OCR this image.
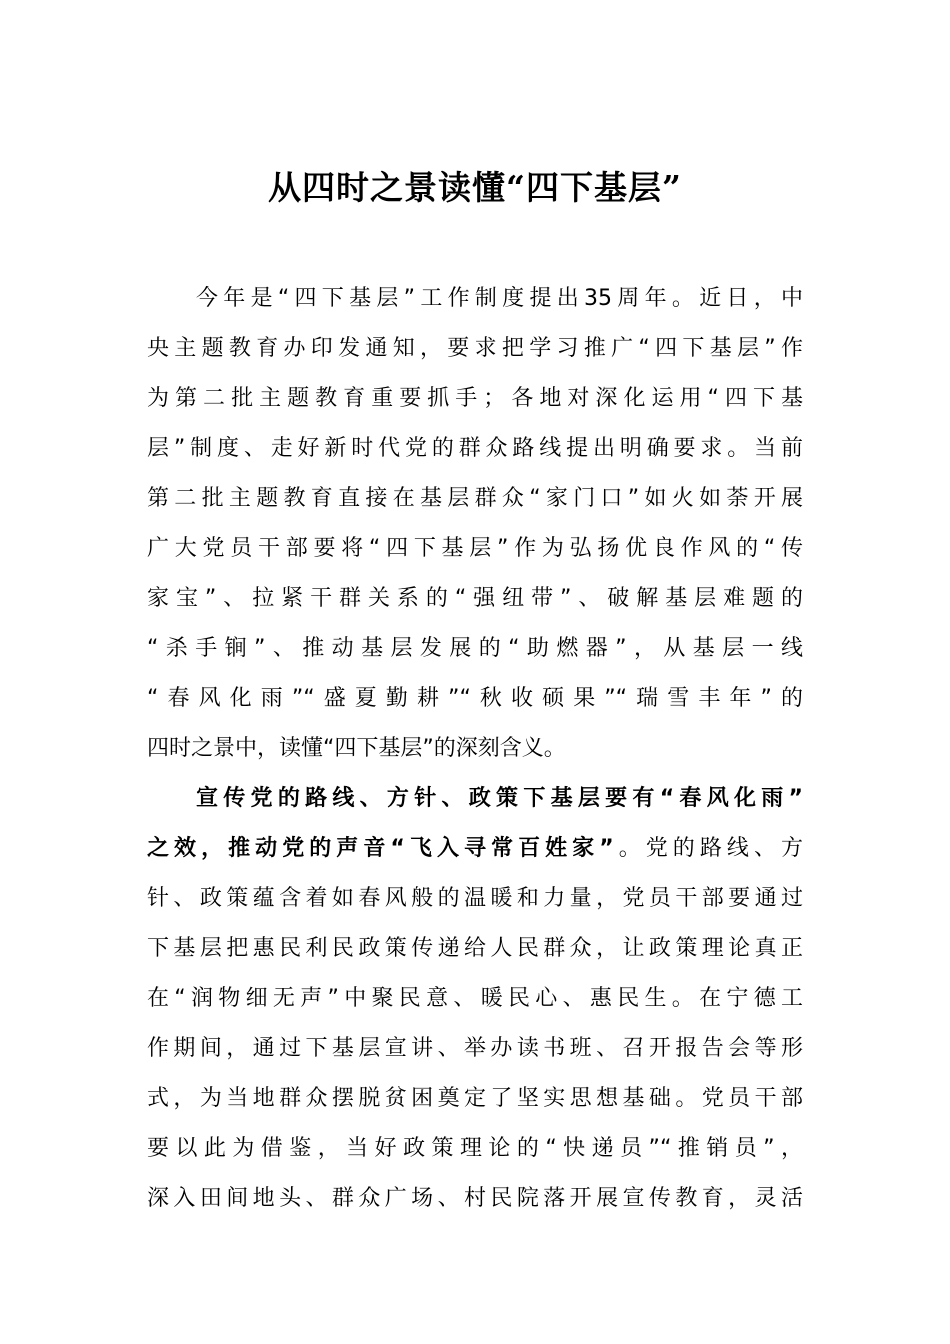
从四时之景读懂“四下基层”

今年是“四下基层”工作制度提出35周年。近日，中

央主题教育办印发通知，要求把学习推广“四下基层”作

为第二批主题教育重要抓手；各地对深化运用“四下基

层”制度、走好新时代党的群众路线提出明确要求。当前

第二批主题教育直接在基层群众“家门口”如火如荼开展

广大党员干部要将“四下基层”作为弘扬优良作风的“传

家宝”、拉紧干群关系的“强纽带”、破解基层难题的

“杀手锏”、推动基层发展的“助燃器”，从基层一线

“春风化雨”“盛夏勤耕”“秋收硕果”“瑞雪丰年”的

四时之景中，读懂“四下基层”的深刻含义。

宣传党的路线、方针、政策下基层要有“春风化雨”

之效，推动党的声音“飞入寻常百姓家”。党的路线、方

针、政策蕴含着如春风般的温暖和力量，党员干部要通过

下基层把惠民利民政策传递给人民群众，让政策理论真正

在“润物细无声”中聚民意、暖民心、惠民生。在宁德工

作期间，通过下基层宣讲、举办读书班、召开报告会等形

式，为当地群众摆脱贫困奠定了坚实思想基础。党员干部

要以此为借鉴，当好政策理论的“快递员”“推销员”，

深入田间地头、群众广场、村民院落开展宣传教育，灵活
